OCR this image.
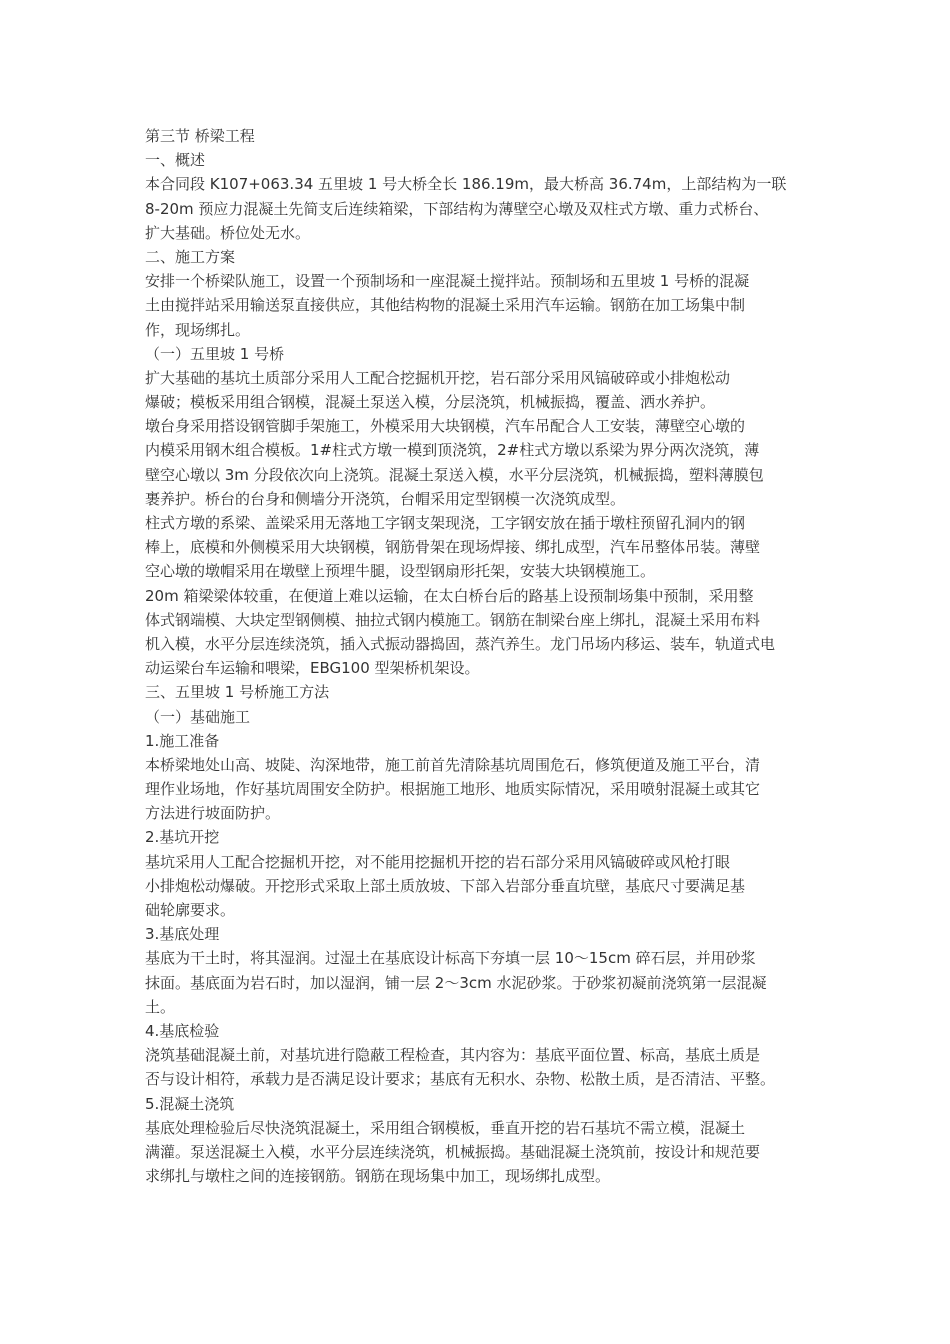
第三节 桥梁工程
一、概述
本合同段 K107+063.34 五里坡 1 号大桥全长 186.19m，最大桥高 36.74m，上部结构为一联
8-20m 预应力混凝土先简支后连续箱梁，下部结构为薄壁空心墩及双柱式方墩、重力式桥台、
扩大基础。桥位处无水。
二、施工方案
安排一个桥梁队施工，设置一个预制场和一座混凝土搅拌站。预制场和五里坡 1 号桥的混凝
土由搅拌站采用输送泵直接供应，其他结构物的混凝土采用汽车运输。钢筋在加工场集中制
作，现场绑扎。
（一）五里坡 1 号桥
扩大基础的基坑土质部分采用人工配合挖掘机开挖，岩石部分采用风镐破碎或小排炮松动
爆破；模板采用组合钢模，混凝土泵送入模，分层浇筑，机械振捣，覆盖、洒水养护。
墩台身采用搭设钢管脚手架施工，外模采用大块钢模，汽车吊配合人工安装，薄壁空心墩的
内模采用钢木组合模板。1#柱式方墩一模到顶浇筑，2#柱式方墩以系梁为界分两次浇筑，薄
壁空心墩以 3m 分段依次向上浇筑。混凝土泵送入模，水平分层浇筑，机械振捣，塑料薄膜包
裹养护。桥台的台身和侧墙分开浇筑，台帽采用定型钢模一次浇筑成型。
柱式方墩的系梁、盖梁采用无落地工字钢支架现浇，工字钢安放在插于墩柱预留孔洞内的钢
棒上，底模和外侧模采用大块钢模，钢筋骨架在现场焊接、绑扎成型，汽车吊整体吊装。薄壁
空心墩的墩帽采用在墩壁上预埋牛腿，设型钢扇形托架，安装大块钢模施工。
20m 箱梁梁体较重，在便道上难以运输，在太白桥台后的路基上设预制场集中预制，采用整
体式钢端模、大块定型钢侧模、抽拉式钢内模施工。钢筋在制梁台座上绑扎，混凝土采用布料
机入模，水平分层连续浇筑，插入式振动器捣固，蒸汽养生。龙门吊场内移运、装车，轨道式电
动运梁台车运输和喂梁，EBG100 型架桥机架设。
三、五里坡 1 号桥施工方法
（一）基础施工
1.施工准备
本桥梁地处山高、坡陡、沟深地带，施工前首先清除基坑周围危石，修筑便道及施工平台，清
理作业场地，作好基坑周围安全防护。根据施工地形、地质实际情况，采用喷射混凝土或其它
方法进行坡面防护。
2.基坑开挖
基坑采用人工配合挖掘机开挖，对不能用挖掘机开挖的岩石部分采用风镐破碎或风枪打眼
小排炮松动爆破。开挖形式采取上部土质放坡、下部入岩部分垂直坑壁，基底尺寸要满足基
础轮廓要求。
3.基底处理
基底为干土时，将其湿润。过湿土在基底设计标高下夯填一层 10～15cm 碎石层，并用砂浆
抹面。基底面为岩石时，加以湿润，铺一层 2～3cm 水泥砂浆。于砂浆初凝前浇筑第一层混凝
土。
4.基底检验
浇筑基础混凝土前，对基坑进行隐蔽工程检查，其内容为：基底平面位置、标高，基底土质是
否与设计相符，承载力是否满足设计要求；基底有无积水、杂物、松散土质，是否清洁、平整。
5.混凝土浇筑
基底处理检验后尽快浇筑混凝土，采用组合钢模板，垂直开挖的岩石基坑不需立模，混凝土
满灌。泵送混凝土入模，水平分层连续浇筑，机械振捣。基础混凝土浇筑前，按设计和规范要
求绑扎与墩柱之间的连接钢筋。钢筋在现场集中加工，现场绑扎成型。
